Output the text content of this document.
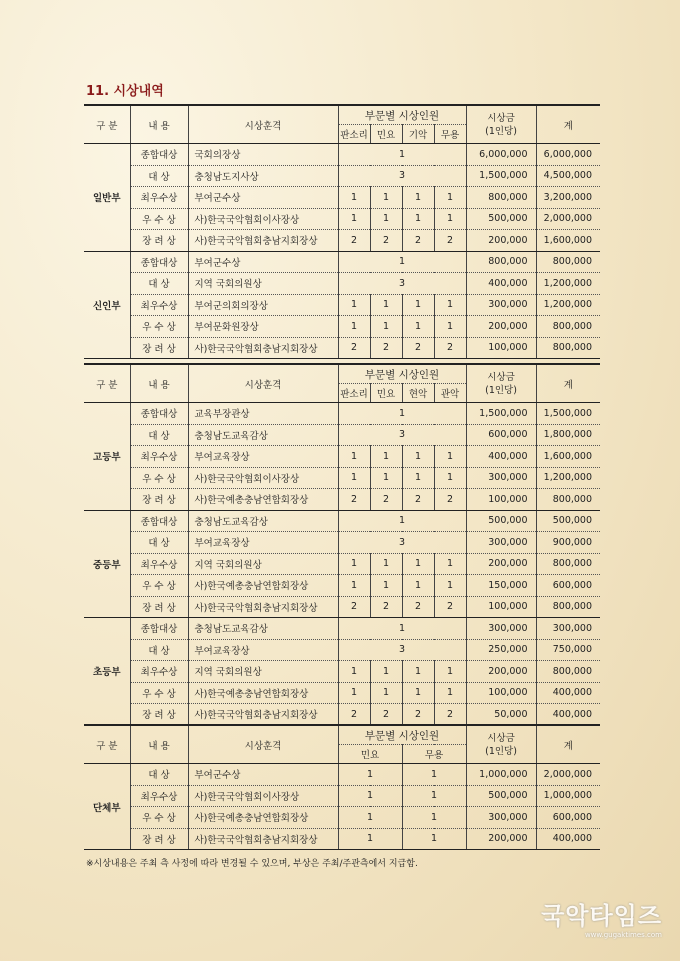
11. 시상내역
구 분	내 용	시상훈격	부문별 시상인원				시상금
(1인당)	계
			판소리	민요	기악	무용		
일반부	종합대상	국회의장상	1				6,000,000	6,000,000
	대 상	충청남도지사상	3				1,500,000	4,500,000
	최우수상	부여군수상	1	1	1	1	800,000	3,200,000
	우 수 상	사)한국국악협회이사장상	1	1	1	1	500,000	2,000,000
	장 려 상	사)한국국악협회충남지회장상	2	2	2	2	200,000	1,600,000
신인부	종합대상	부여군수상	1				800,000	800,000
	대 상	지역 국회의원상	3				400,000	1,200,000
	최우수상	부여군의회의장상	1	1	1	1	300,000	1,200,000
	우 수 상	부여문화원장상	1	1	1	1	200,000	800,000
	장 려 상	사)한국국악협회충남지회장상	2	2	2	2	100,000	800,000
구 분	내 용	시상훈격	부문별 시상인원				시상금
(1인당)	계
			판소리	민요	현악	관악		
고등부	종합대상	교육부장관상	1				1,500,000	1,500,000
	대 상	충청남도교육감상	3				600,000	1,800,000
	최우수상	부여교육장상	1	1	1	1	400,000	1,600,000
	우 수 상	사)한국국악협회이사장상	1	1	1	1	300,000	1,200,000
	장 려 상	사)한국예총충남연합회장상	2	2	2	2	100,000	800,000
중등부	종합대상	충청남도교육감상	1				500,000	500,000
	대 상	부여교육장상	3				300,000	900,000
	최우수상	지역 국회의원상	1	1	1	1	200,000	800,000
	우 수 상	사)한국예총충남연합회장상	1	1	1	1	150,000	600,000
	장 려 상	사)한국국악협회충남지회장상	2	2	2	2	100,000	800,000
초등부	종합대상	충청남도교육감상	1				300,000	300,000
	대 상	부여교육장상	3				250,000	750,000
	최우수상	지역 국회의원상	1	1	1	1	200,000	800,000
	우 수 상	사)한국예총충남연합회장상	1	1	1	1	100,000	400,000
	장 려 상	사)한국국악협회충남지회장상	2	2	2	2	50,000	400,000
구 분	내 용	시상훈격	부문별 시상인원		시상금
(1인당)	계
			민요	무용		
단체부	대 상	부여군수상	1	1	1,000,000	2,000,000
	최우수상	사)한국국악협회이사장상	1	1	500,000	1,000,000
	우 수 상	사)한국예총충남연합회장상	1	1	300,000	600,000
	장 려 상	사)한국국악협회충남지회장상	1	1	200,000	400,000
※시상내용은 주최 측 사정에 따라 변경될 수 있으며, 부상은 주최/주관측에서 지급함.
국악타임즈
www.gugaktimes.com
